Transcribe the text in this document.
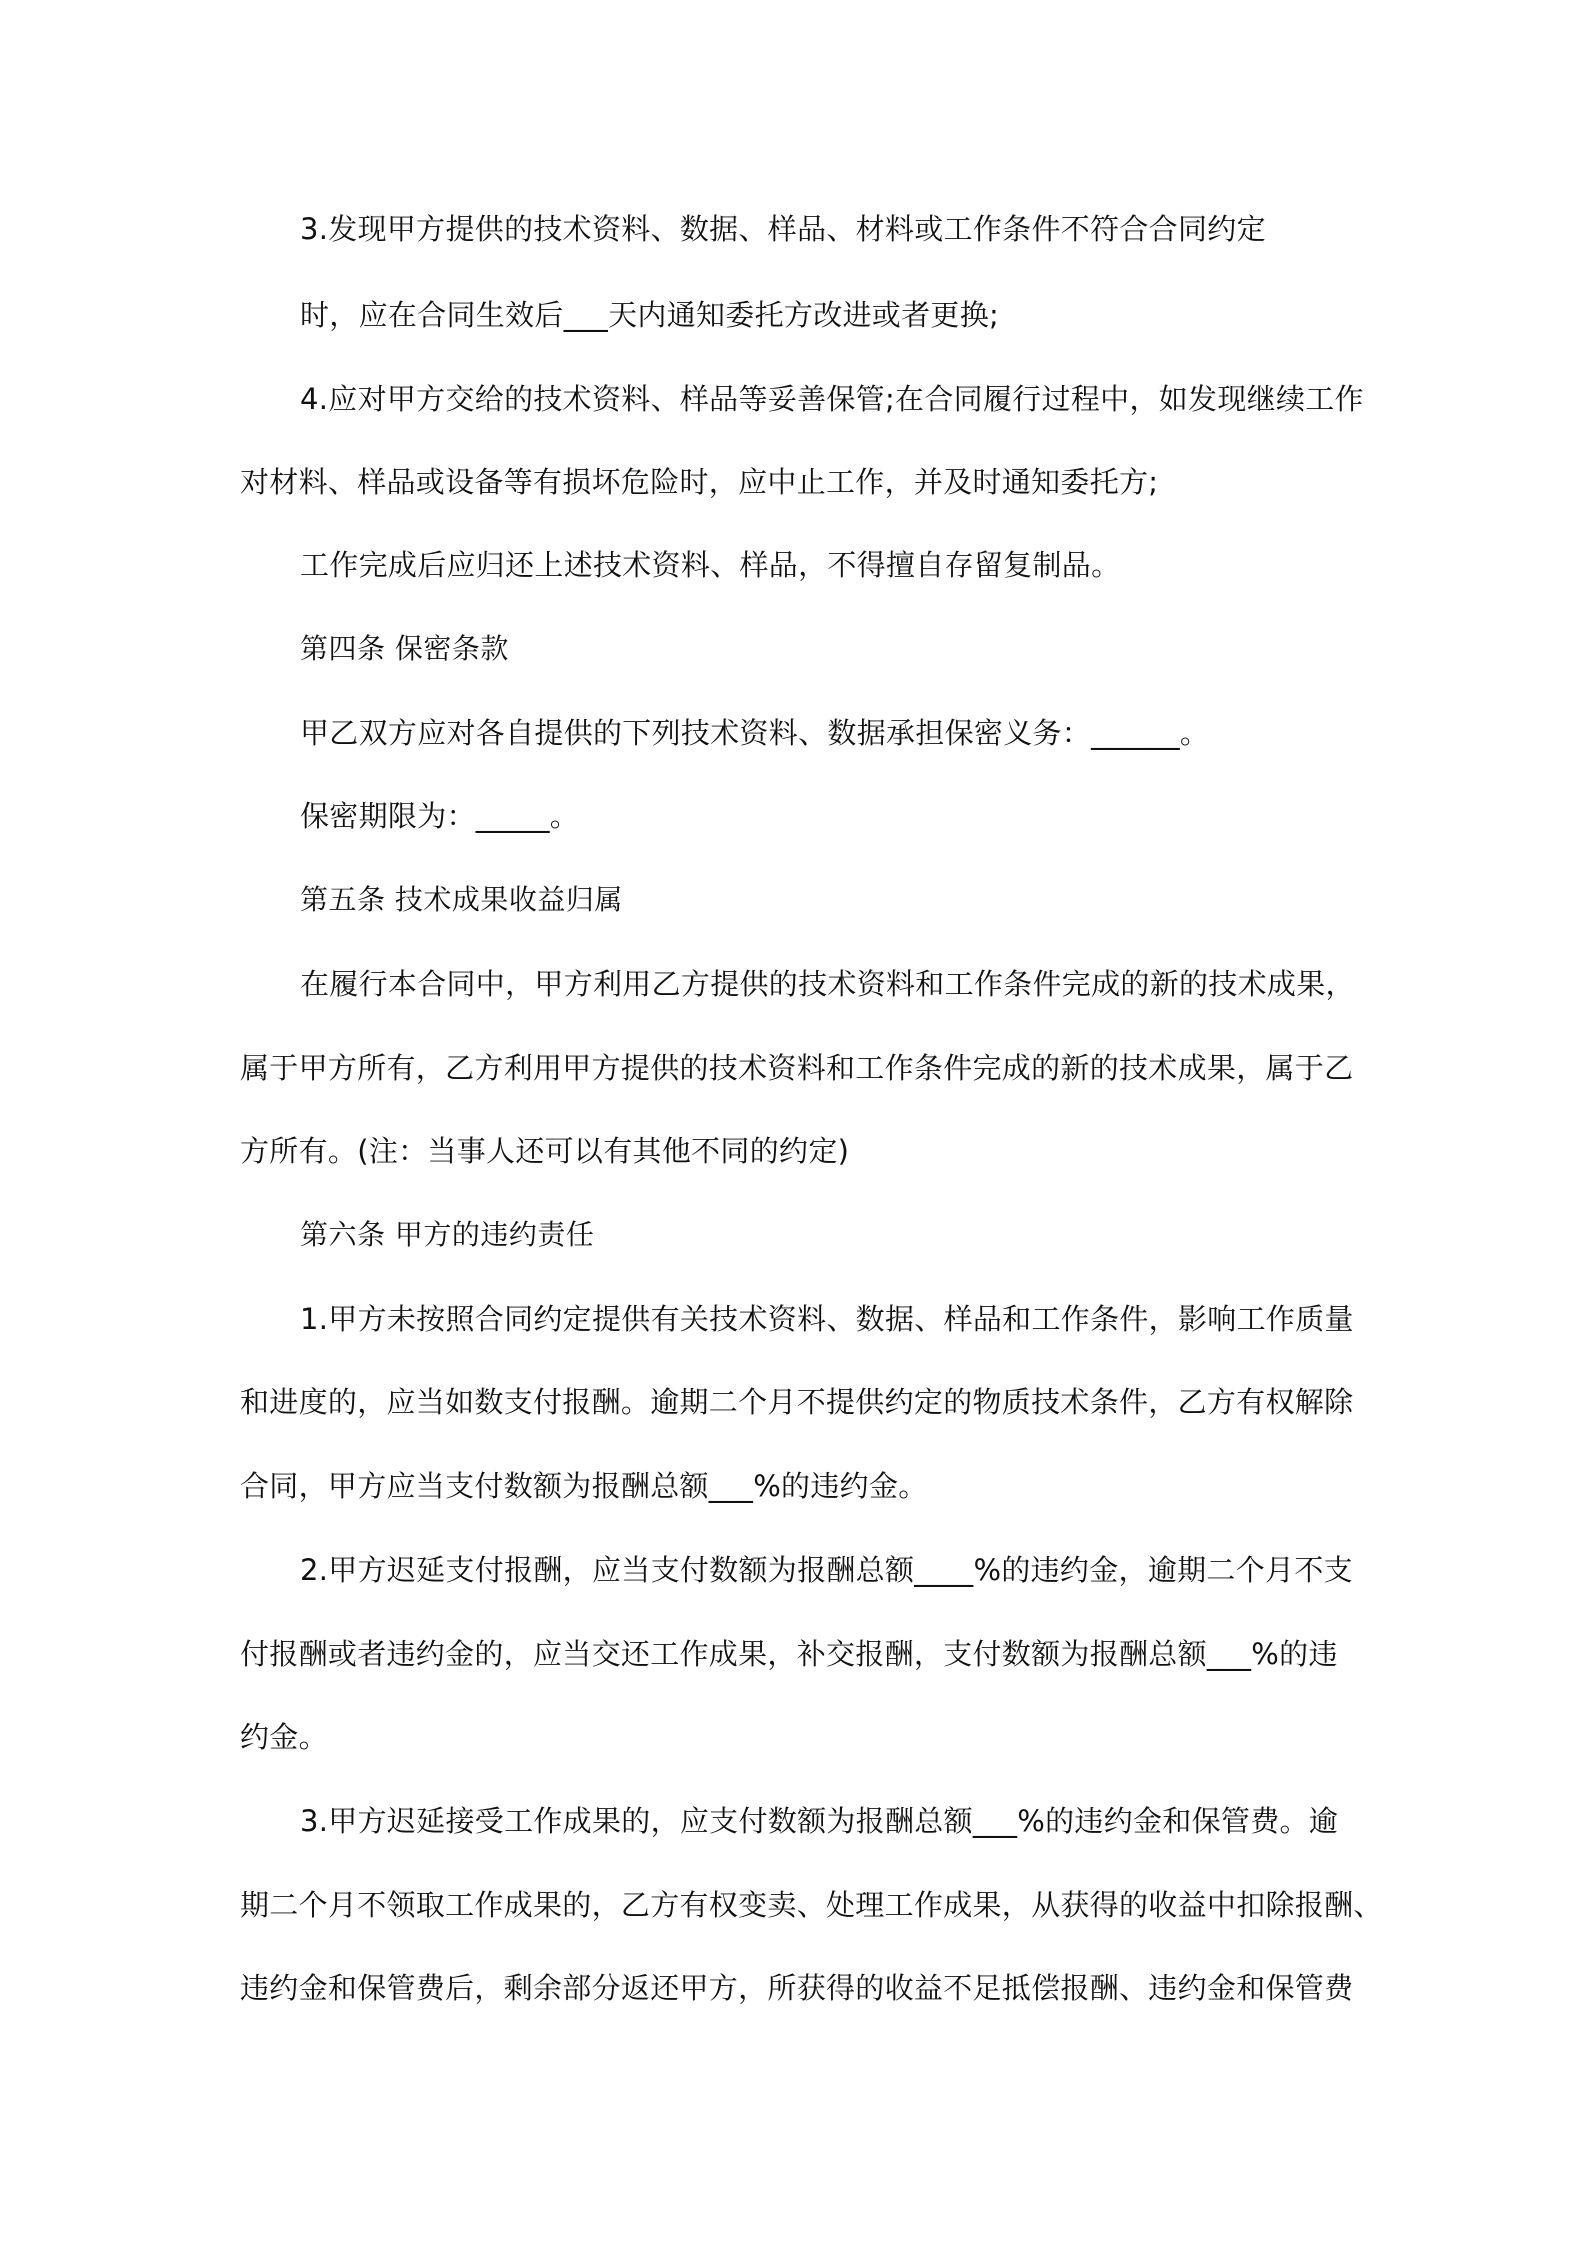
3.发现甲方提供的技术资料、数据、样品、材料或工作条件不符合合同约定
时，应在合同生效后___天内通知委托方改进或者更换;
4.应对甲方交给的技术资料、样品等妥善保管;在合同履行过程中，如发现继续工作
对材料、样品或设备等有损坏危险时，应中止工作，并及时通知委托方;
工作完成后应归还上述技术资料、样品，不得擅自存留复制品。
第四条 保密条款
甲乙双方应对各自提供的下列技术资料、数据承担保密义务：______。
保密期限为：_____。
第五条 技术成果收益归属
在履行本合同中，甲方利用乙方提供的技术资料和工作条件完成的新的技术成果，
属于甲方所有，乙方利用甲方提供的技术资料和工作条件完成的新的技术成果，属于乙
方所有。(注：当事人还可以有其他不同的约定)
第六条 甲方的违约责任
1.甲方未按照合同约定提供有关技术资料、数据、样品和工作条件，影响工作质量
和进度的，应当如数支付报酬。逾期二个月不提供约定的物质技术条件，乙方有权解除
合同，甲方应当支付数额为报酬总额___%的违约金。
2.甲方迟延支付报酬，应当支付数额为报酬总额____%的违约金，逾期二个月不支
付报酬或者违约金的，应当交还工作成果，补交报酬，支付数额为报酬总额___%的违
约金。
3.甲方迟延接受工作成果的，应支付数额为报酬总额___%的违约金和保管费。逾
期二个月不领取工作成果的，乙方有权变卖、处理工作成果，从获得的收益中扣除报酬、
违约金和保管费后，剩余部分返还甲方，所获得的收益不足抵偿报酬、违约金和保管费
